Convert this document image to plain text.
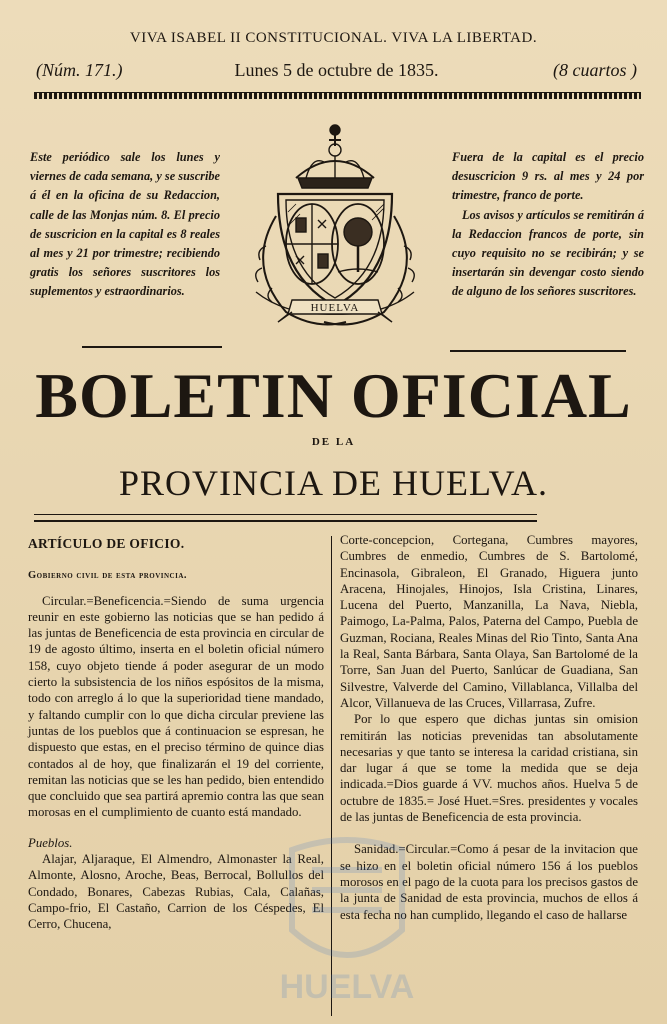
VIVA ISABEL II CONSTITUCIONAL. VIVA LA LIBERTAD.
(Núm. 171.)	Lunes 5 de octubre de 1835.	(8 cuartos )

Este periódico sale los lunes y viernes de cada semana, y se suscribe á él en la oficina de su Redaccion, calle de las Monjas núm. 8. El precio de suscricion en la capital es 8 reales al mes y 21 por trimestre; recibiendo gratis los señores suscritores los suplementos y estraordinarios.

HUELVA

Fuera de la capital es el precio desuscricion 9 rs. al mes y 24 por trimestre, franco de porte.

Los avisos y artículos se remitirán á la Redaccion francos de porte, sin cuyo requisito no se recibirán; y se insertarán sin devengar costo siendo de alguno de los señores suscritores.

BOLETIN OFICIAL
DE LA
PROVINCIA DE HUELVA.

ARTÍCULO DE OFICIO.

Gobierno civil de esta provincia.

Circular.=Beneficencia.=Siendo de suma urgencia reunir en este gobierno las noticias que se han pedido á las juntas de Beneficencia de esta provincia en circular de 19 de agosto último, inserta en el boletin oficial número 158, cuyo objeto tiende á poder asegurar de un modo cierto la subsistencia de los niños espósitos de la misma, todo con arreglo á lo que la superioridad tiene mandado, y faltando cumplir con lo que dicha circular previene las juntas de los pueblos que á continuacion se espresan, he dispuesto que estas, en el preciso término de quince dias contados al de hoy, que finalizarán el 19 del corriente, remitan las noticias que se les han pedido, bien entendido que concluido que sea partirá apremio contra las que sean morosas en el cumplimiento de cuanto está mandado.

Pueblos.

Alajar, Aljaraque, El Almendro, Almonaster la Real, Almonte, Alosno, Aroche, Beas, Berrocal, Bollullos del Condado, Bonares, Cabezas Rubias, Cala, Calañas, Campo-frio, El Castaño, Carrion de los Céspedes, El Cerro, Chucena,

Corte-concepcion, Cortegana, Cumbres mayores, Cumbres de enmedio, Cumbres de S. Bartolomé, Encinasola, Gibraleon, El Granado, Higuera junto Aracena, Hinojales, Hinojos, Isla Cristina, Linares, Lucena del Puerto, Manzanilla, La Nava, Niebla, Paimogo, La-Palma, Palos, Paterna del Campo, Puebla de Guzman, Rociana, Reales Minas del Rio Tinto, Santa Ana la Real, Santa Bárbara, Santa Olaya, San Bartolomé de la Torre, San Juan del Puerto, Sanlúcar de Guadiana, San Silvestre, Valverde del Camino, Villablanca, Villalba del Alcor, Villanueva de las Cruces, Villarrasa, Zufre.

Por lo que espero que dichas juntas sin omision remitirán las noticias prevenidas tan absolutamente necesarias y que tanto se interesa la caridad cristiana, sin dar lugar á que se tome la medida que se deja indicada.=Dios guarde á VV. muchos años. Huelva 5 de octubre de 1835.= José Huet.=Sres. presidentes y vocales de las juntas de Beneficencia de esta provincia.

Sanidad.=Circular.=Como á pesar de la invitacion que se hizo en el boletin oficial número 156 á los pueblos morosos en el pago de la cuota para los precisos gastos de la junta de Sanidad de esta provincia, muchos de ellos á esta fecha no han cumplido, llegando el caso de hallarse

HUELVA
